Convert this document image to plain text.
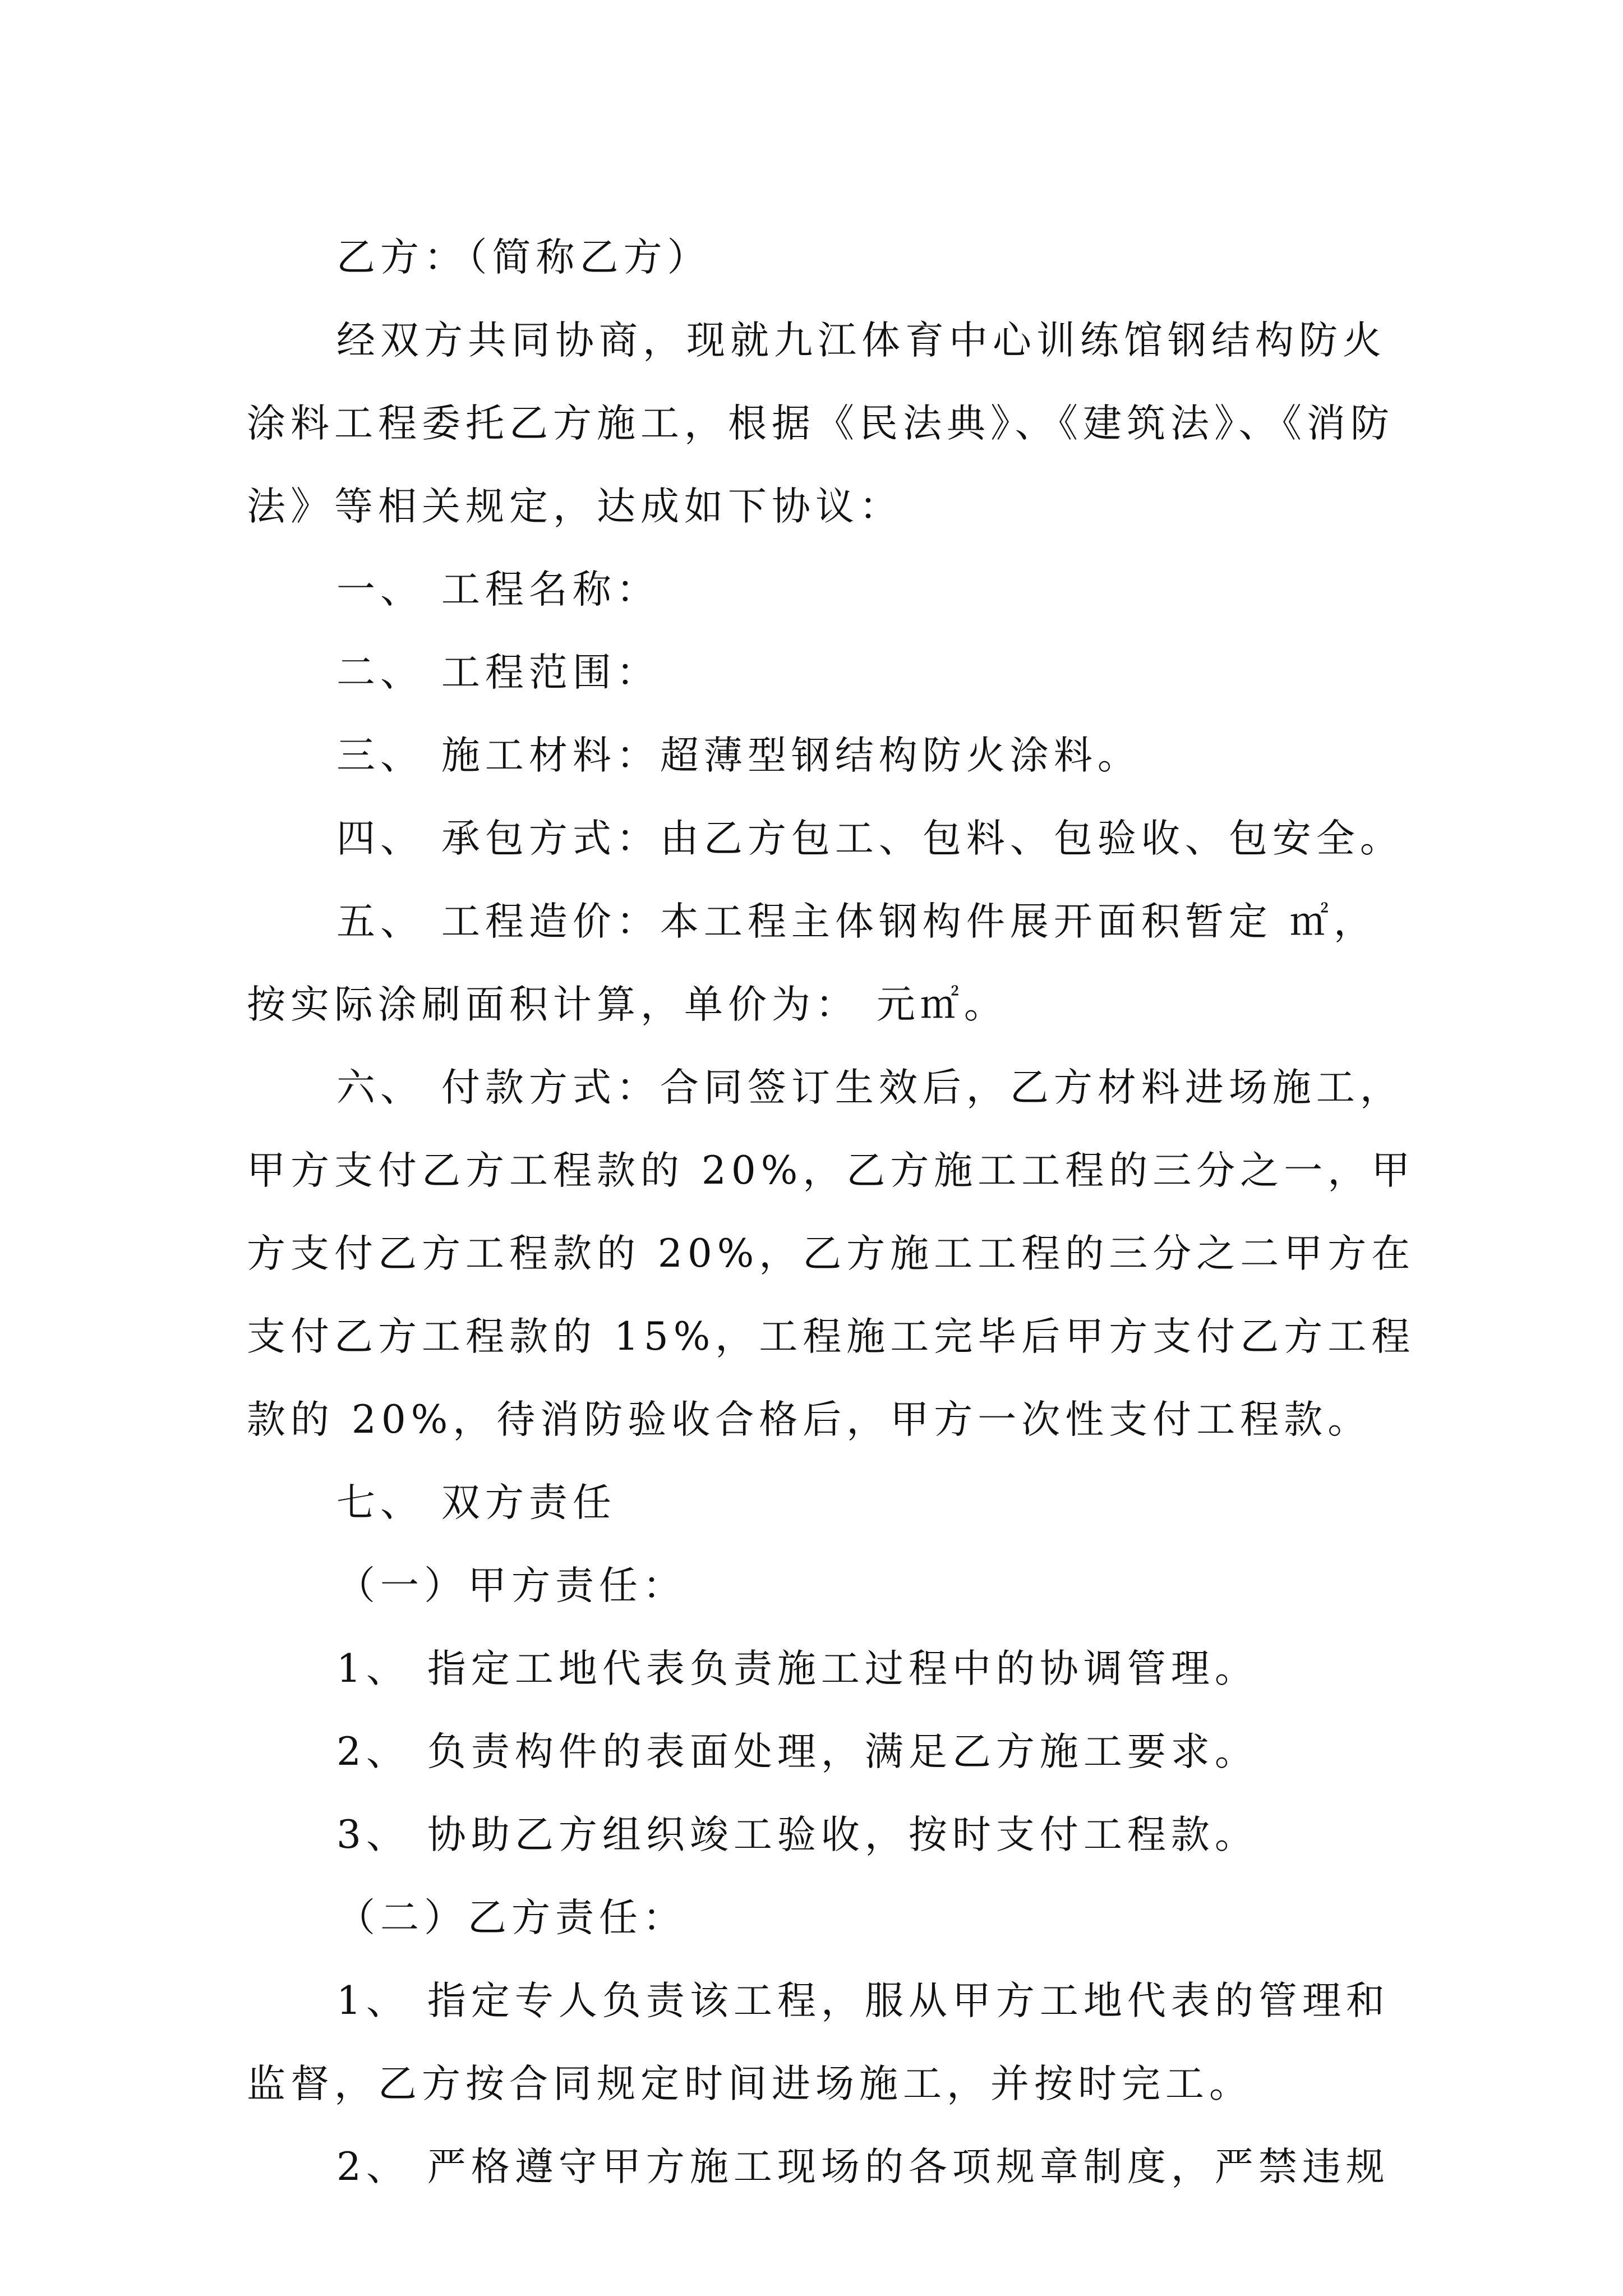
乙方：（简称乙方）

经双方共同协商，现就九江体育中心训练馆钢结构防火
涂料工程委托乙方施工，根据《民法典》、《建筑法》、《消防
法》等相关规定，达成如下协议：

一、 工程名称：

二、 工程范围：

三、 施工材料：超薄型钢结构防火涂料。

四、 承包方式：由乙方包工、包料、包验收、包安全。

五、 工程造价：本工程主体钢构件展开面积暂定 ㎡，
按实际涂刷面积计算，单价为： 元㎡。

六、 付款方式：合同签订生效后，乙方材料进场施工，
甲方支付乙方工程款的 20%，乙方施工工程的三分之一，甲
方支付乙方工程款的 20%，乙方施工工程的三分之二甲方在
支付乙方工程款的 15%，工程施工完毕后甲方支付乙方工程
款的 20%，待消防验收合格后，甲方一次性支付工程款。

七、 双方责任

（一）甲方责任：

1、 指定工地代表负责施工过程中的协调管理。

2、 负责构件的表面处理，满足乙方施工要求。

3、 协助乙方组织竣工验收，按时支付工程款。

（二）乙方责任：

1、 指定专人负责该工程，服从甲方工地代表的管理和
监督，乙方按合同规定时间进场施工，并按时完工。

2、 严格遵守甲方施工现场的各项规章制度，严禁违规
